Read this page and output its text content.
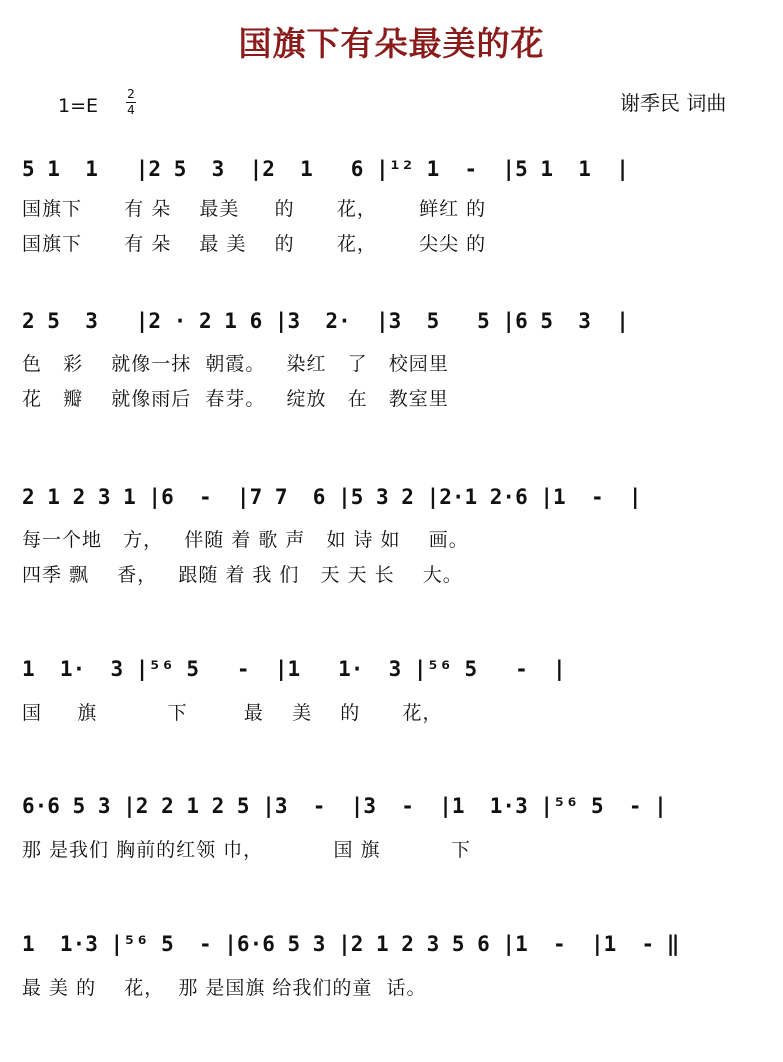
国旗下有朵最美的花
1=E
2
4	谢季民 词曲
5 1  1   |2 5  3  |2  1   6 |¹² 1  -  |5 1  1  |
国旗下      有 朵    最美     的      花，      鲜红 的
国旗下      有 朵    最 美    的      花，      尖尖 的
2 5  3   |2 · 2 1 6 |3  2·  |3  5   5 |6 5  3  |
色   彩    就像一抹  朝霞。   染红   了   校园里
花   瓣    就像雨后  春芽。   绽放   在   教室里
2 1 2 3 1 |6  -  |7 7  6 |5 3 2 |2·1 2·6 |1  -  |
每一个地   方，   伴随 着 歌 声   如 诗 如    画。
四季 飘    香，   跟随 着 我 们   天 天 长    大。
1  1·  3 |⁵⁶ 5   -  |1   1·  3 |⁵⁶ 5   -  |
国     旗          下        最    美    的      花，
6·6 5 3 |2 2 1 2 5 |3  -  |3  -  |1  1·3 |⁵⁶ 5  - |
那 是我们 胸前的红领 巾，          国 旗          下
1  1·3 |⁵⁶ 5  - |6·6 5 3 |2 1 2 3 5 6 |1  -  |1  - ‖
最 美 的    花，  那 是国旗 给我们的童  话。
